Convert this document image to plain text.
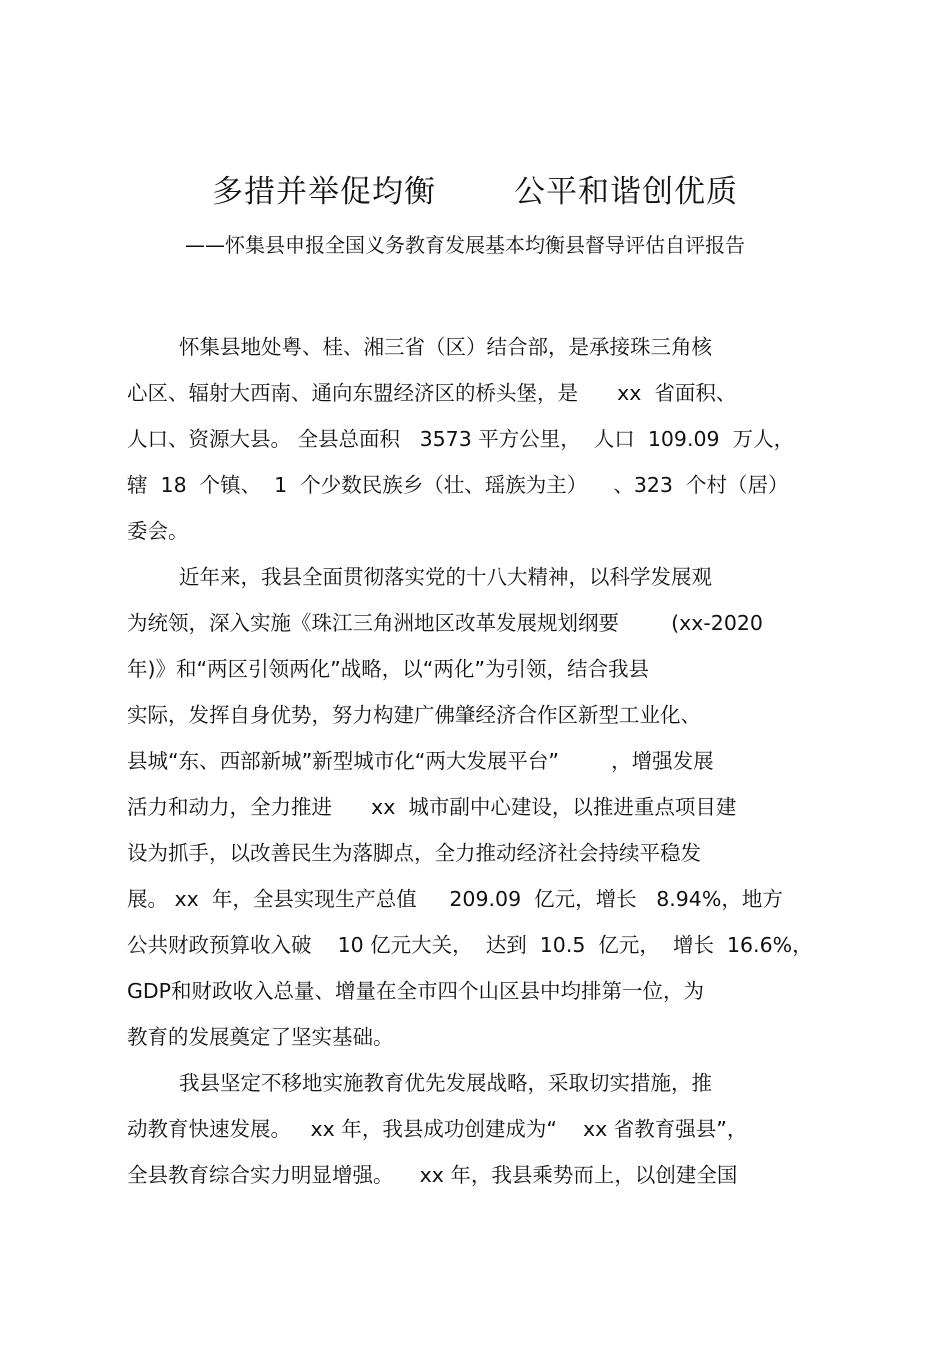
多措并举促均衡	公平和谐创优质

——怀集县申报全国义务教育发展基本均衡县督导评估自评报告

怀集县地处粤、桂、湘三省（区）结合部，是承接珠三角核
心区、辐射大西南、通向东盟经济区的桥头堡，是      xx  省面积、
人口、资源大县。 全县总面积   3573 平方公里，  人口  109.09  万人，
辖  18  个镇、  1  个少数民族乡（壮、瑶族为主）    、323  个村（居）
委会。
近年来，我县全面贯彻落实党的十八大精神，以科学发展观
为统领，深入实施《珠江三角洲地区改革发展规划纲要        (xx-2020
年)》和“两区引领两化”战略，以“两化”为引领，结合我县
实际，发挥自身优势，努力构建广佛肇经济合作区新型工业化、
县城“东、西部新城”新型城市化“两大发展平台”        ，增强发展
活力和动力，全力推进      xx  城市副中心建设，以推进重点项目建
设为抓手，以改善民生为落脚点，全力推动经济社会持续平稳发
展。 xx  年，全县实现生产总值     209.09  亿元，增长   8.94%，地方
公共财政预算收入破    10 亿元大关，  达到  10.5  亿元，  增长  16.6%，
GDP和财政收入总量、增量在全市四个山区县中均排第一位，为
教育的发展奠定了坚实基础。
我县坚定不移地实施教育优先发展战略，采取切实措施，推
动教育快速发展。   xx 年，我县成功创建成为“    xx 省教育强县”，
全县教育综合实力明显增强。    xx 年，我县乘势而上，以创建全国
